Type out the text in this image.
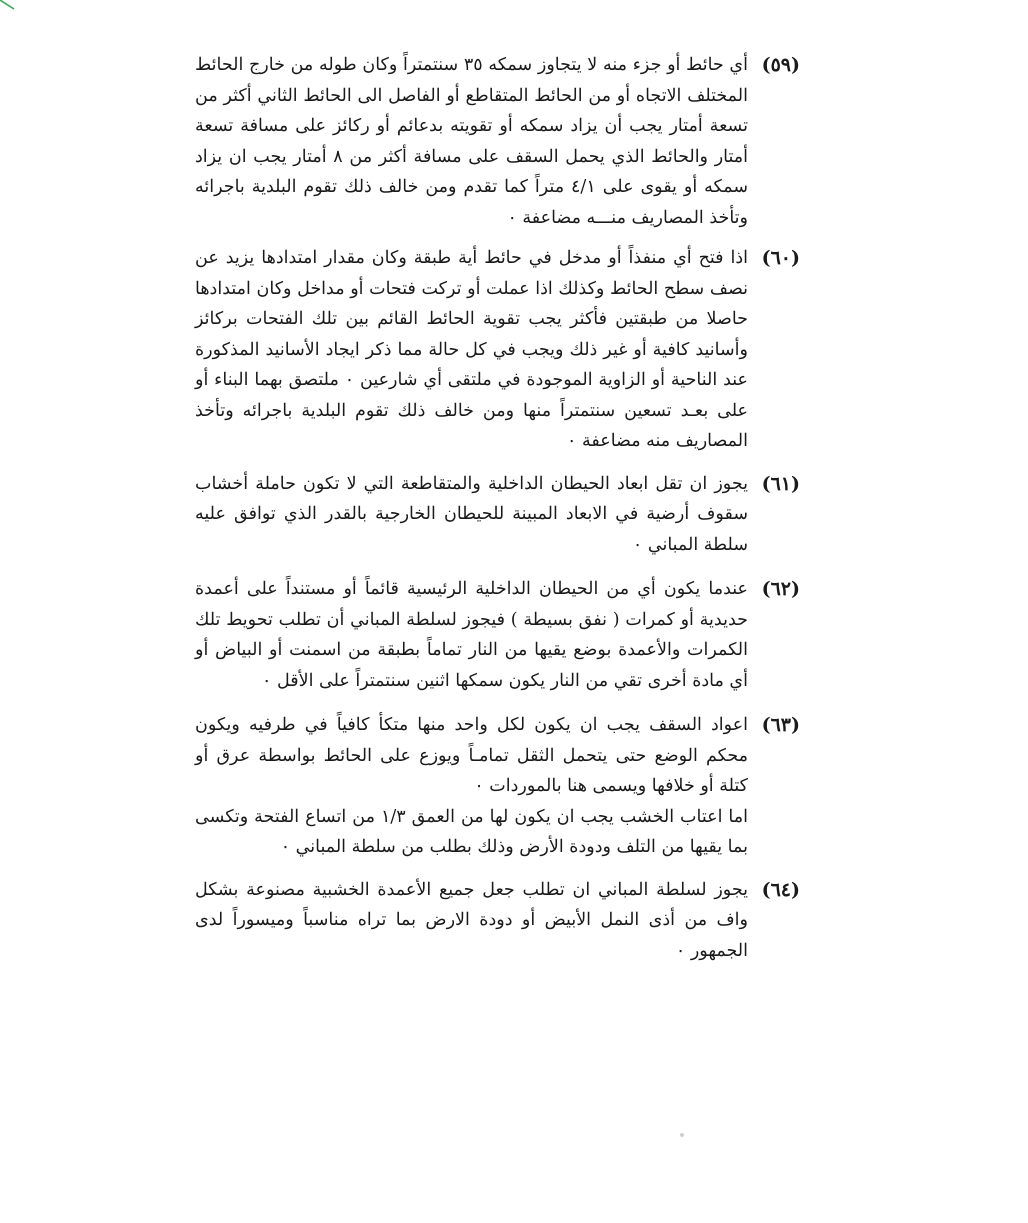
(٥٩)

أي حائط أو جزء منه لا يتجاوز سمكه ٣٥ سنتمتراً وكان طوله من خارج الحائط المختلف الاتجاه أو من الحائط المتقاطع أو الفاصل الى الحائط الثاني أكثر من تسعة أمتار يجب أن يزاد سمكه أو تقويته بدعائم أو ركائز على مسافة تسعة أمتار والحائط الذي يحمل السقف على مسافة أكثر من ٨ أمتار يجب ان يزاد سمكه أو يقوى على ٤/١ متراً كما تقدم ومن خالف ذلك تقوم البلدية باجرائه وتأخذ المصاريف منـــه مضاعفة ٠

(٦٠)

اذا فتح أي منفذاً أو مدخل في حائط أية طبقة وكان مقدار امتدادها يزيد عن نصف سطح الحائط وكذلك اذا عملت أو تركت فتحات أو مداخل وكان امتدادها حاصلا من طبقتين فأكثر يجب تقوية الحائط القائم بين تلك الفتحات بركائز وأسانيد كافية أو غير ذلك ويجب في كل حالة مما ذكر ايجاد الأسانيد المذكورة عند الناحية أو الزاوية الموجودة في ملتقى أي شارعين ٠ ملتصق بهما البناء أو على بعـد تسعين سنتمتراً منها ومن خالف ذلك تقوم البلدية باجرائه وتأخذ المصاريف منه مضاعفة ٠

(٦١)

يجوز ان تقل ابعاد الحيطان الداخلية والمتقاطعة التي لا تكون حاملة أخشاب سقوف أرضية في الابعاد المبينة للحيطان الخارجية بالقدر الذي توافق عليه سلطة المباني ٠

(٦٢)

عندما يكون أي من الحيطان الداخلية الرئيسية قائماً أو مستنداً على أعمدة حديدية أو كمرات ( نفق بسيطة ) فيجوز لسلطة المباني أن تطلب تحويط تلك الكمرات والأعمدة بوضع يقيها من النار تماماً بطبقة من اسمنت أو البياض أو أي مادة أخرى تقي من النار يكون سمكها اثنين سنتمتراً على الأقل ٠

(٦٣)

اعواد السقف يجب ان يكون لكل واحد منها متكأ كافياً في طرفيه ويكون محكم الوضع حتى يتحمل الثقل تمامـاً ويوزع على الحائط بواسطة عرق أو كتلة أو خلافها ويسمى هنا بالموردات ٠

اما اعتاب الخشب يجب ان يكون لها من العمق ١/٣ من اتساع الفتحة وتكسى بما يقيها من التلف ودودة الأرض وذلك بطلب من سلطة المباني ٠

(٦٤)

يجوز لسلطة المباني ان تطلب جعل جميع الأعمدة الخشبية مصنوعة بشكل واف من أذى النمل الأبيض أو دودة الارض بما تراه مناسباً وميسوراً لدى الجمهور ٠
